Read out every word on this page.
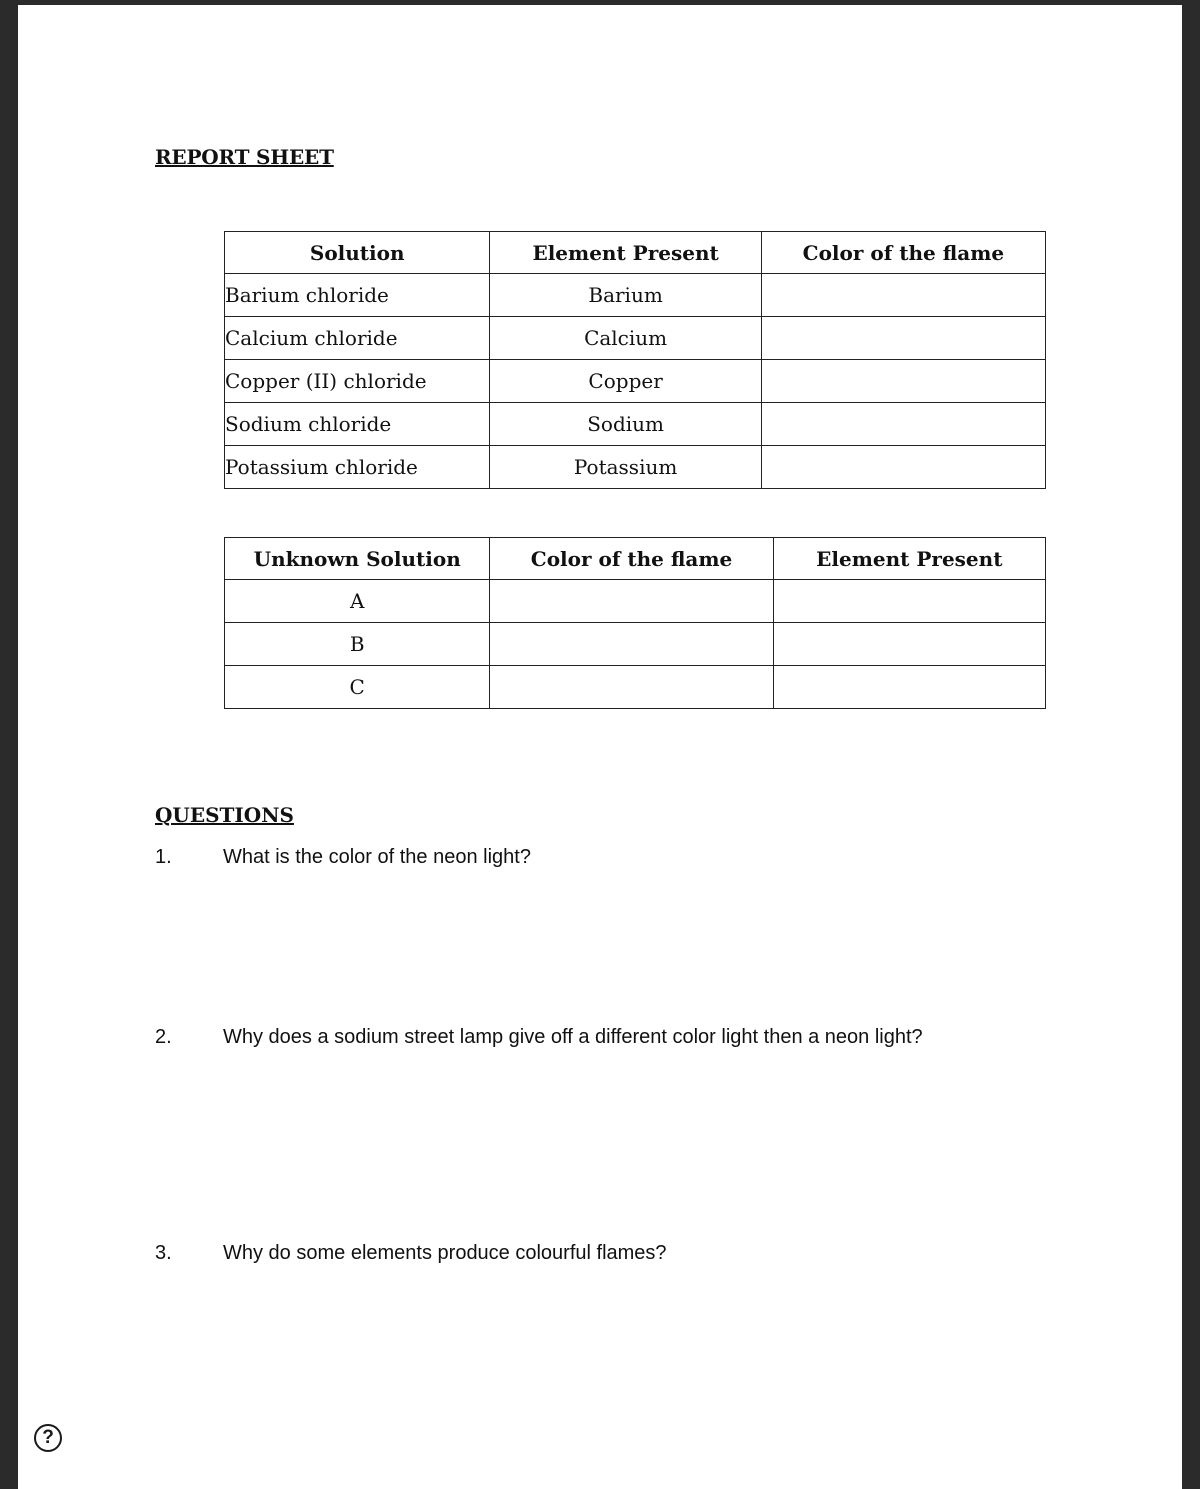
REPORT SHEET
Solution	Element Present	Color of the flame
Barium chloride	Barium	
Calcium chloride	Calcium	
Copper (II) chloride	Copper	
Sodium chloride	Sodium	
Potassium chloride	Potassium	
Unknown Solution	Color of the flame	Element Present
A		
B		
C		
QUESTIONS
1.	What is the color of the neon light?
2.	Why does a sodium street lamp give off a different color light then a neon light?
3.	Why do some elements produce colourful flames?
?
